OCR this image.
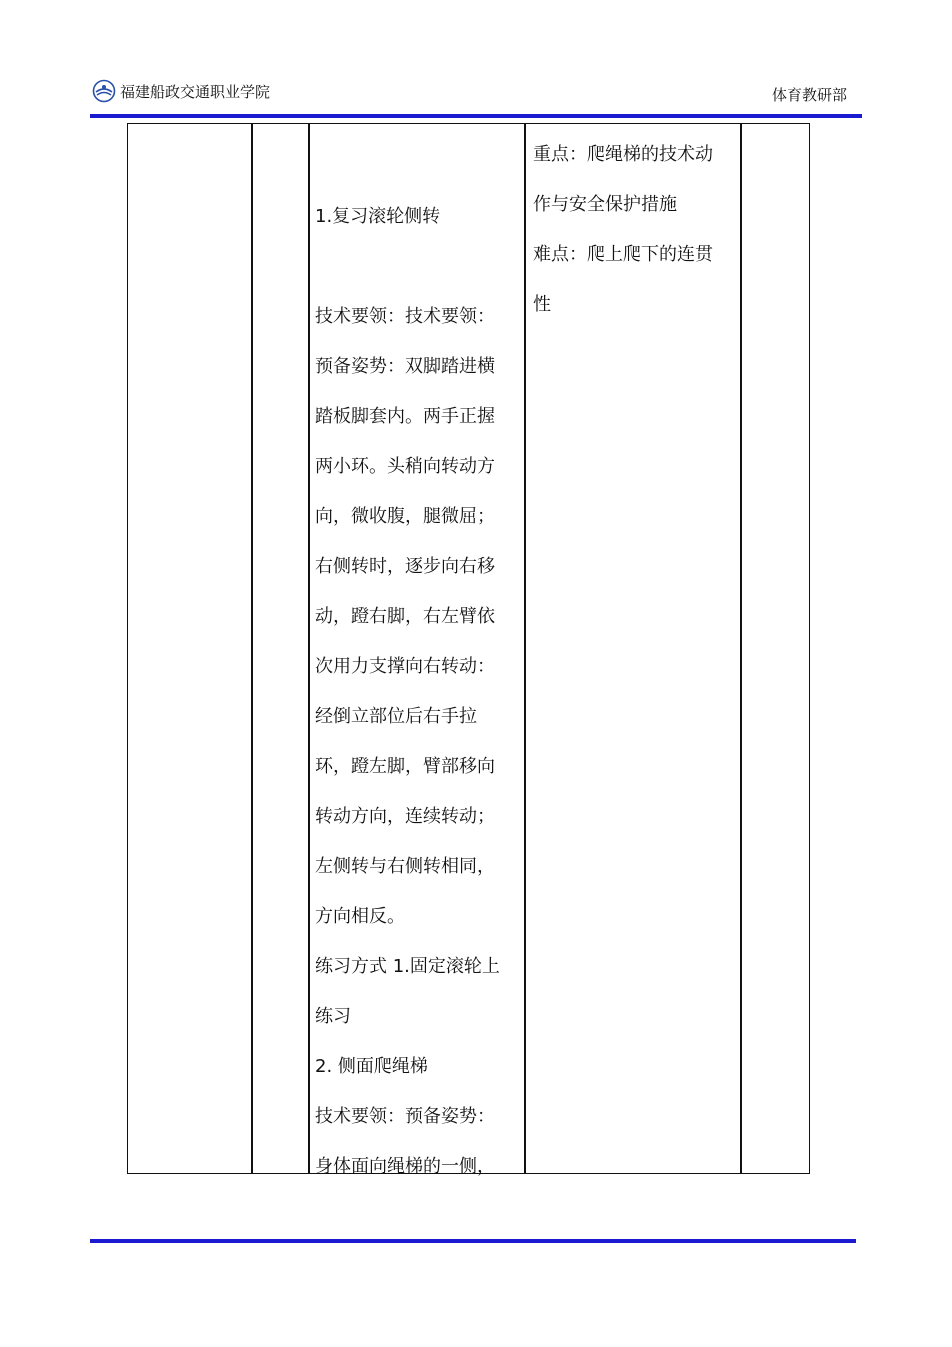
福建船政交通职业学院	体育教研部
1.复习滚轮侧转
技术要领：技术要领：
预备姿势：双脚踏进横
踏板脚套内。两手正握
两小环。头稍向转动方
向，微收腹，腿微屈；
右侧转时，逐步向右移
动，蹬右脚，右左臂依
次用力支撑向右转动：
经倒立部位后右手拉
环，蹬左脚，臂部移向
转动方向，连续转动；
左侧转与右侧转相同，
方向相反。
练习方式 1.固定滚轮上
练习
2. 侧面爬绳梯
技术要领：预备姿势：
身体面向绳梯的一侧，
重点：爬绳梯的技术动
作与安全保护措施
难点：爬上爬下的连贯
性
